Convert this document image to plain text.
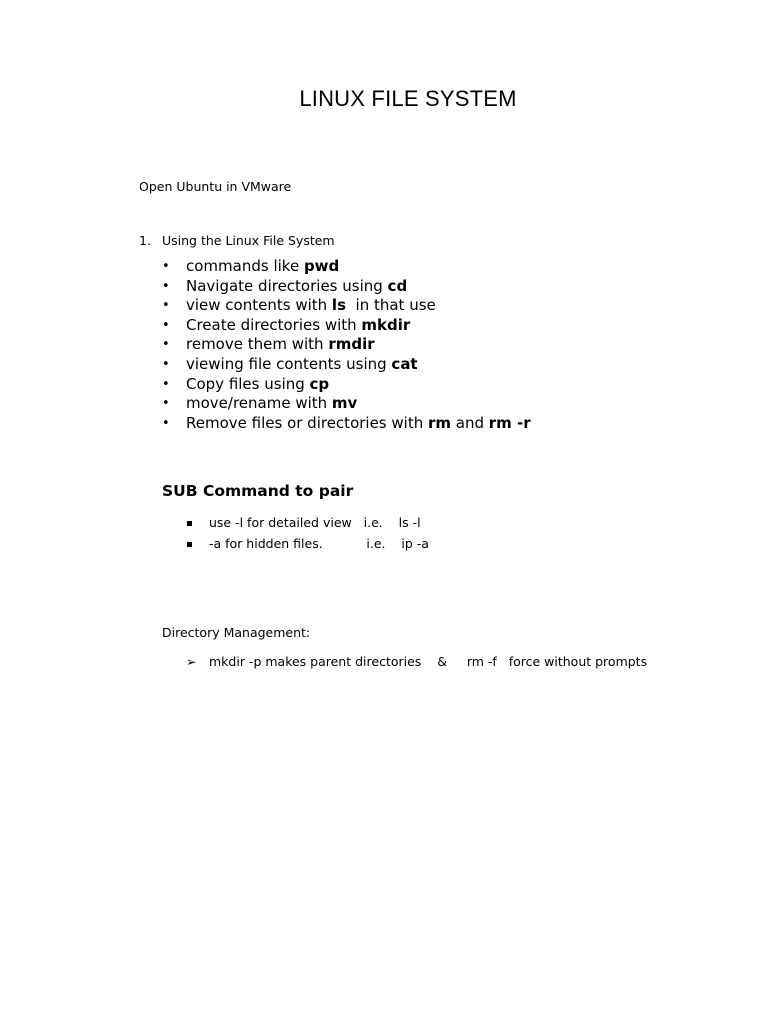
LINUX FILE SYSTEM
Open Ubuntu in VMware
1. Using the Linux File System
• commands like pwd
• Navigate directories using cd
• view contents with ls  in that use
• Create directories with mkdir
• remove them with rmdir
• viewing file contents using cat
• Copy files using cp
• move/rename with mv
• Remove files or directories with rm and rm -r
SUB Command to pair
use -l for detailed view   i.e.    ls -l
-a for hidden files.           i.e.    ip -a
Directory Management:
➢ mkdir -p makes parent directories    &     rm -f   force without prompts
